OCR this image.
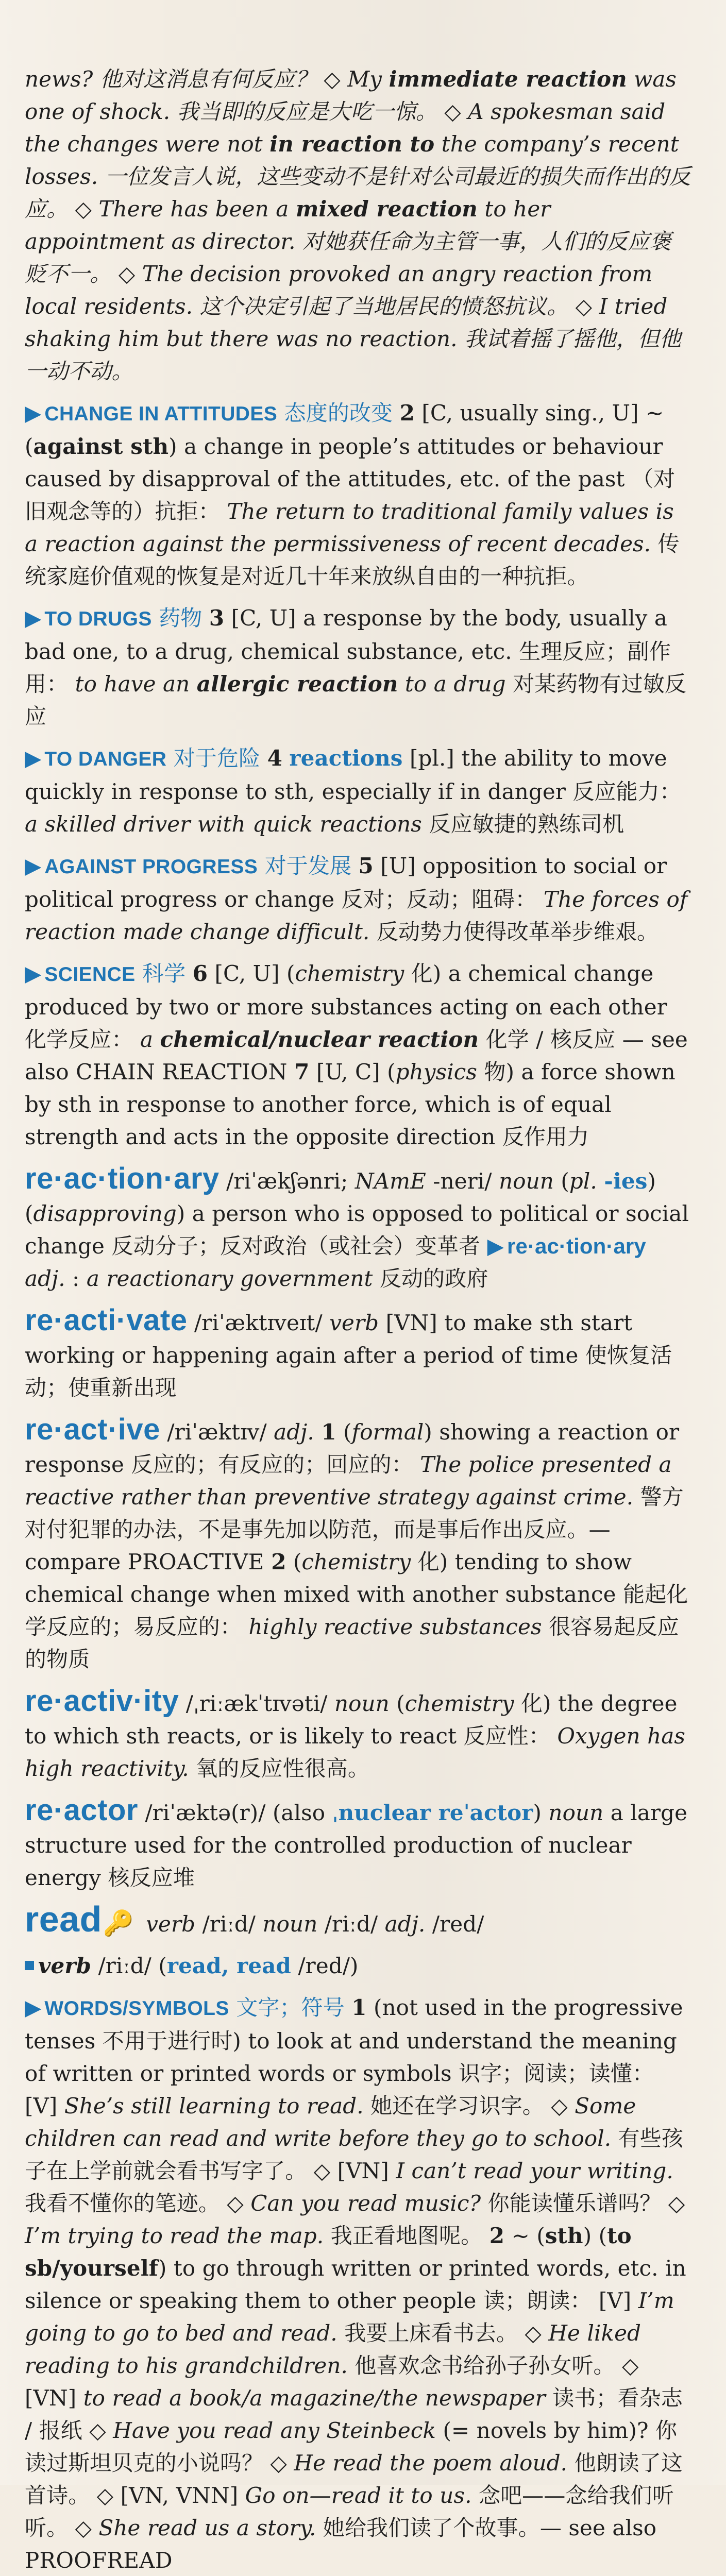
news? 他对这消息有何反应？ ◇ My immediate reaction was one of shock. 我当即的反应是大吃一惊。 ◇ A spokesman said the changes were not in reaction to the company’s recent losses. 一位发言人说，这些变动不是针对公司最近的损失而作出的反应。 ◇ There has been a mixed reaction to her appointment as director. 对她获任命为主管一事，人们的反应褒贬不一。 ◇ The decision provoked an angry reaction from local residents. 这个决定引起了当地居民的愤怒抗议。 ◇ I tried shaking him but there was no reaction. 我试着摇了摇他，但他一动不动。
▶ CHANGE IN ATTITUDES 态度的改变 2 [C, usually sing., U] ~ (against sth) a change in people’s attitudes or behaviour caused by disapproval of the attitudes, etc. of the past （对旧观念等的）抗拒： The return to traditional family values is a reaction against the permissiveness of recent decades. 传统家庭价值观的恢复是对近几十年来放纵自由的一种抗拒。
▶ TO DRUGS 药物 3 [C, U] a response by the body, usually a bad one, to a drug, chemical substance, etc. 生理反应；副作用： to have an allergic reaction to a drug 对某药物有过敏反应
▶ TO DANGER 对于危险 4 reactions [pl.] the ability to move quickly in response to sth, especially if in danger 反应能力： a skilled driver with quick reactions 反应敏捷的熟练司机
▶ AGAINST PROGRESS 对于发展 5 [U] opposition to social or political progress or change 反对；反动；阻碍： The forces of reaction made change difficult. 反动势力使得改革举步维艰。
▶ SCIENCE 科学 6 [C, U] (chemistry 化) a chemical change produced by two or more substances acting on each other 化学反应： a chemical/nuclear reaction 化学 / 核反应 — see also CHAIN REACTION 7 [U, C] (physics 物) a force shown by sth in response to another force, which is of equal strength and acts in the opposite direction 反作用力
re·ac·tion·ary /riˈækʃənri; NAmE -neri/ noun (pl. -ies) (disapproving) a person who is opposed to political or social change 反动分子；反对政治（或社会）变革者 ▶ re·ac·tion·ary adj. : a reactionary government 反动的政府
re·acti·vate /riˈæktɪveɪt/ verb [VN] to make sth start working or happening again after a period of time 使恢复活动；使重新出现
re·act·ive /riˈæktɪv/ adj. 1 (formal) showing a reaction or response 反应的；有反应的；回应的： The police presented a reactive rather than preventive strategy against crime. 警方对付犯罪的办法，不是事先加以防范，而是事后作出反应。— compare PROACTIVE 2 (chemistry 化) tending to show chemical change when mixed with another substance 能起化学反应的；易反应的： highly reactive substances 很容易起反应的物质
re·activ·ity /ˌriːækˈtɪvəti/ noun (chemistry 化) the degree to which sth reacts, or is likely to react 反应性： Oxygen has high reactivity. 氧的反应性很高。
re·actor /riˈæktə(r)/ (also ˌnuclear reˈactor) noun a large structure used for the controlled production of nuclear energy 核反应堆
read🔑 verb /riːd/ noun /riːd/ adj. /red/
verb /riːd/ (read, read /red/)
▶ WORDS/SYMBOLS 文字；符号 1 (not used in the progressive tenses 不用于进行时) to look at and understand the meaning of written or printed words or symbols 识字；阅读；读懂： [V] She’s still learning to read. 她还在学习识字。 ◇ Some children can read and write before they go to school. 有些孩子在上学前就会看书写字了。 ◇ [VN] I can’t read your writing. 我看不懂你的笔迹。 ◇ Can you read music? 你能读懂乐谱吗？ ◇ I’m trying to read the map. 我正看地图呢。 2 ~ (sth) (to sb/yourself) to go through written or printed words, etc. in silence or speaking them to other people 读；朗读： [V] I’m going to go to bed and read. 我要上床看书去。 ◇ He liked reading to his grandchildren. 他喜欢念书给孙子孙女听。 ◇ [VN] to read a book/a magazine/the newspaper 读书；看杂志 / 报纸 ◇ Have you read any Steinbeck (= novels by him)? 你读过斯坦贝克的小说吗？ ◇ He read the poem aloud. 他朗读了这首诗。 ◇ [VN, VNN] Go on—read it to us. 念吧——念给我们听听。 ◇ She read us a story. 她给我们读了个故事。— see also PROOFREAD
